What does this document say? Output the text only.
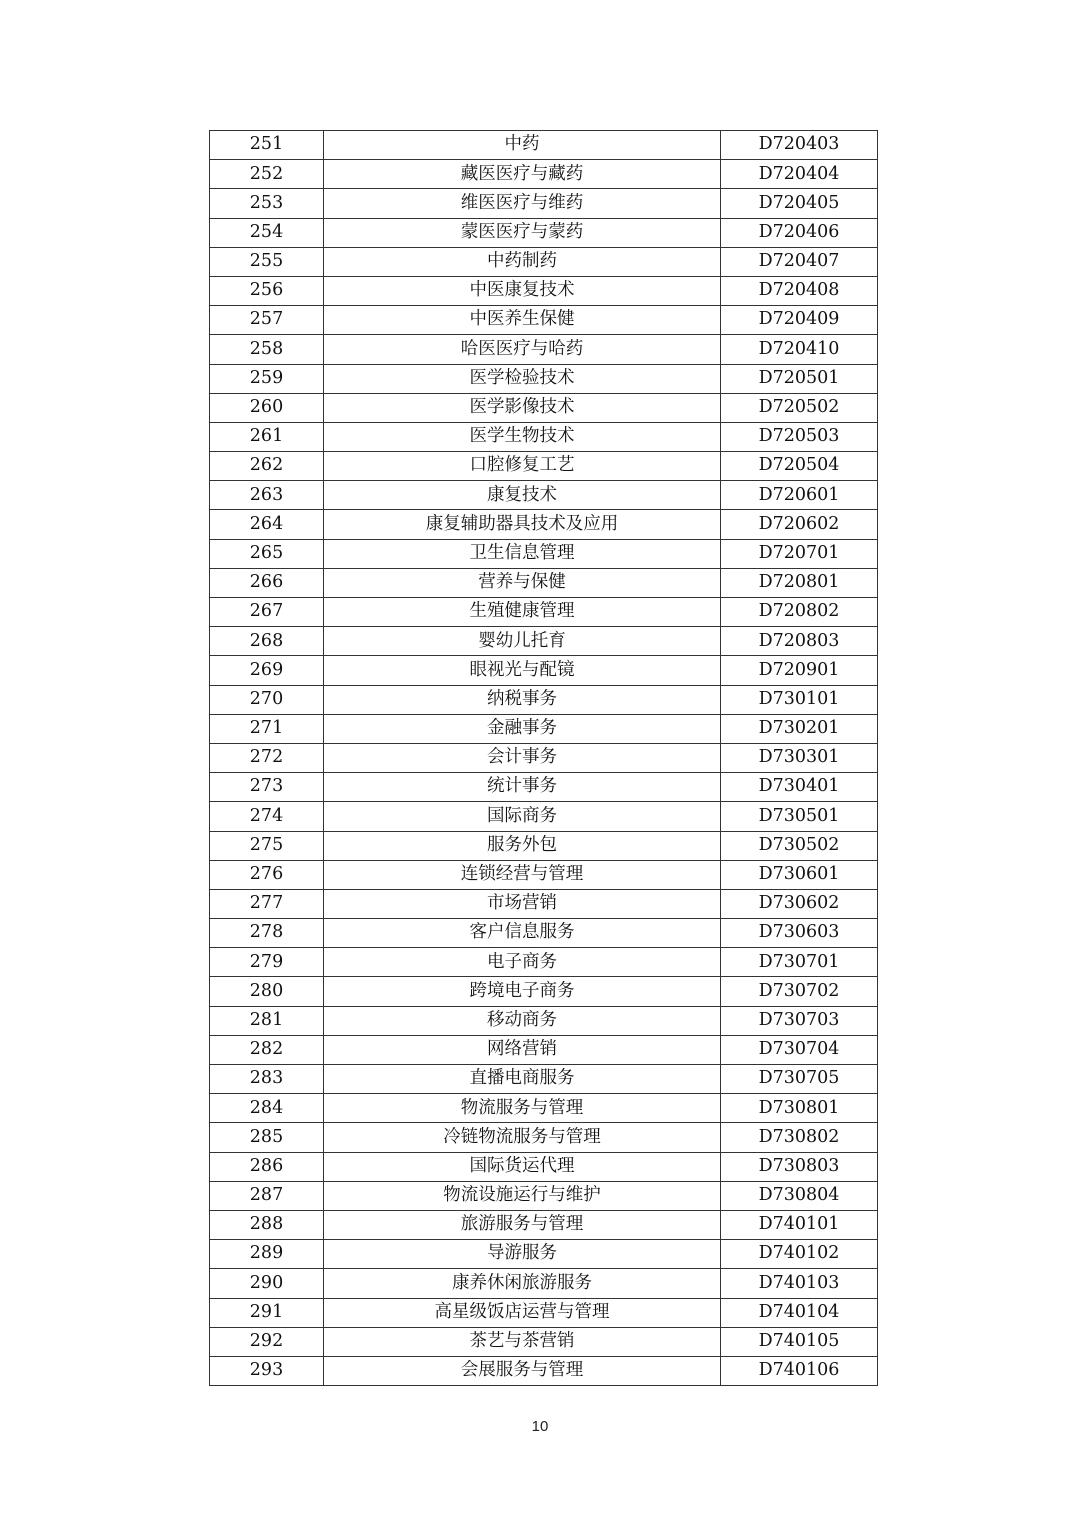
251	中药	D720403
252	藏医医疗与藏药	D720404
253	维医医疗与维药	D720405
254	蒙医医疗与蒙药	D720406
255	中药制药	D720407
256	中医康复技术	D720408
257	中医养生保健	D720409
258	哈医医疗与哈药	D720410
259	医学检验技术	D720501
260	医学影像技术	D720502
261	医学生物技术	D720503
262	口腔修复工艺	D720504
263	康复技术	D720601
264	康复辅助器具技术及应用	D720602
265	卫生信息管理	D720701
266	营养与保健	D720801
267	生殖健康管理	D720802
268	婴幼儿托育	D720803
269	眼视光与配镜	D720901
270	纳税事务	D730101
271	金融事务	D730201
272	会计事务	D730301
273	统计事务	D730401
274	国际商务	D730501
275	服务外包	D730502
276	连锁经营与管理	D730601
277	市场营销	D730602
278	客户信息服务	D730603
279	电子商务	D730701
280	跨境电子商务	D730702
281	移动商务	D730703
282	网络营销	D730704
283	直播电商服务	D730705
284	物流服务与管理	D730801
285	冷链物流服务与管理	D730802
286	国际货运代理	D730803
287	物流设施运行与维护	D730804
288	旅游服务与管理	D740101
289	导游服务	D740102
290	康养休闲旅游服务	D740103
291	高星级饭店运营与管理	D740104
292	茶艺与茶营销	D740105
293	会展服务与管理	D740106
10
